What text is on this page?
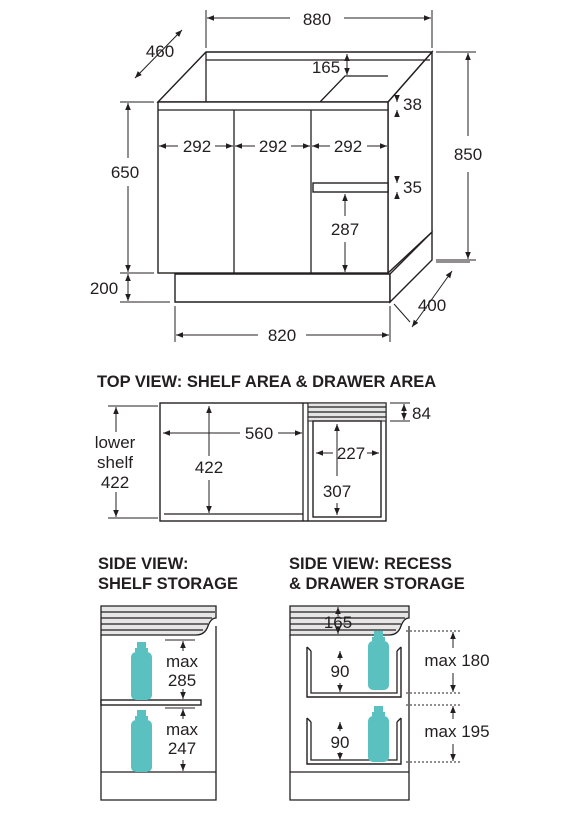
880
460
165
38
850
650
200
820
400
292	292	292
35
287
TOP VIEW: SHELF AREA & DRAWER AREA
lower
shelf
422
560
422
84
227
307
SIDE VIEW:
SHELF STORAGE
max
285
max
247
SIDE VIEW: RECESS
& DRAWER STORAGE
165
90
90
max 180
max 195
